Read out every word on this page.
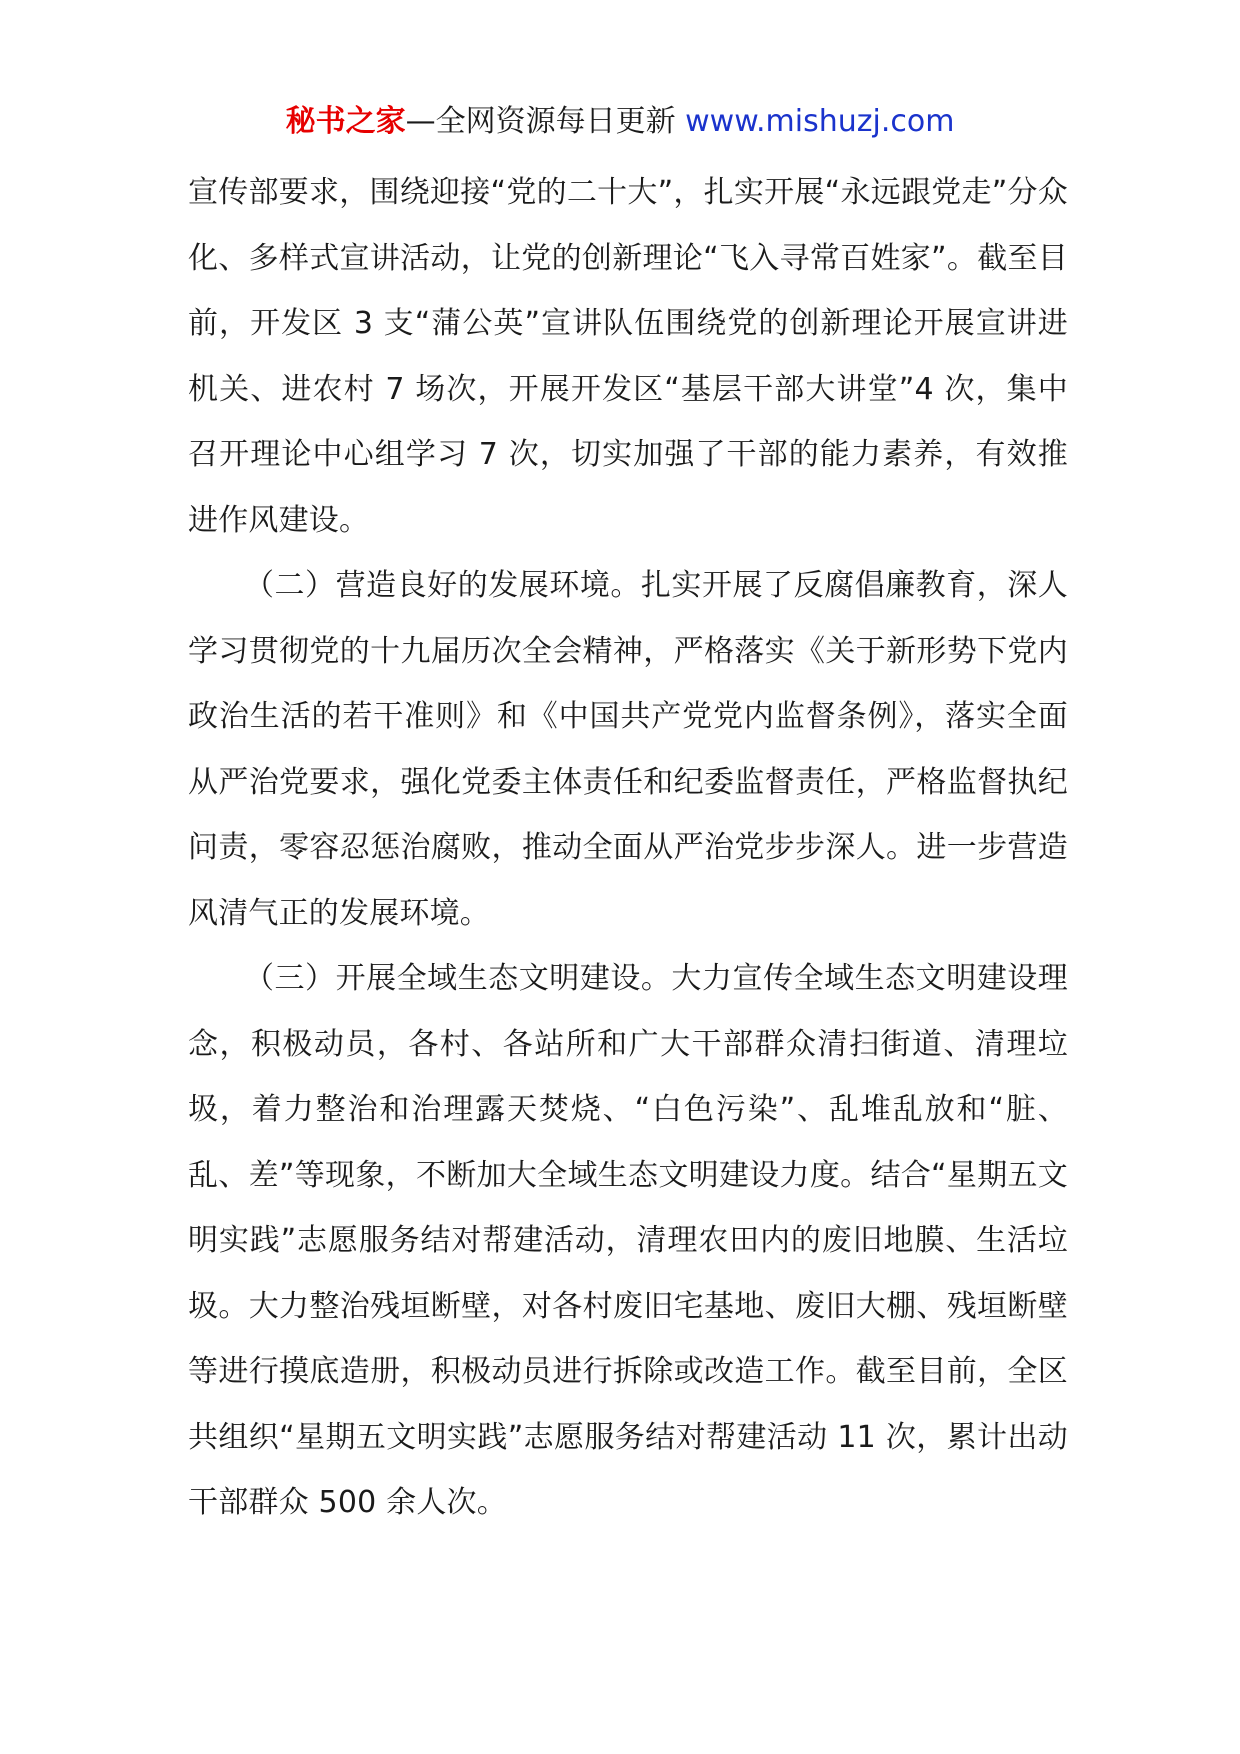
秘书之家—全网资源每日更新 www.mishuzj.com

宣传部要求，围绕迎接“党的二十大”，扎实开展“永远跟党走”分众化、多样式宣讲活动，让党的创新理论“飞入寻常百姓家”。截至目前，开发区 3 支“蒲公英”宣讲队伍围绕党的创新理论开展宣讲进机关、进农村 7 场次，开展开发区“基层干部大讲堂”4 次，集中召开理论中心组学习 7 次，切实加强了干部的能力素养，有效推进作风建设。

（二）营造良好的发展环境。扎实开展了反腐倡廉教育，深人学习贯彻党的十九届历次全会精神，严格落实《关于新形势下党内政治生活的若干准则》和《中国共产党党内监督条例》，落实全面从严治党要求，强化党委主体责任和纪委监督责任，严格监督执纪问责，零容忍惩治腐败，推动全面从严治党步步深人。进一步营造风清气正的发展环境。

（三）开展全域生态文明建设。大力宣传全域生态文明建设理念，积极动员，各村、各站所和广大干部群众清扫街道、清理垃圾，着力整治和治理露天焚烧、“白色污染”、乱堆乱放和“脏、乱、差”等现象，不断加大全域生态文明建设力度。结合“星期五文明实践”志愿服务结对帮建活动，清理农田内的废旧地膜、生活垃圾。大力整治残垣断壁，对各村废旧宅基地、废旧大棚、残垣断壁等进行摸底造册，积极动员进行拆除或改造工作。截至目前，全区共组织“星期五文明实践”志愿服务结对帮建活动 11 次，累计出动干部群众 500 余人次。
